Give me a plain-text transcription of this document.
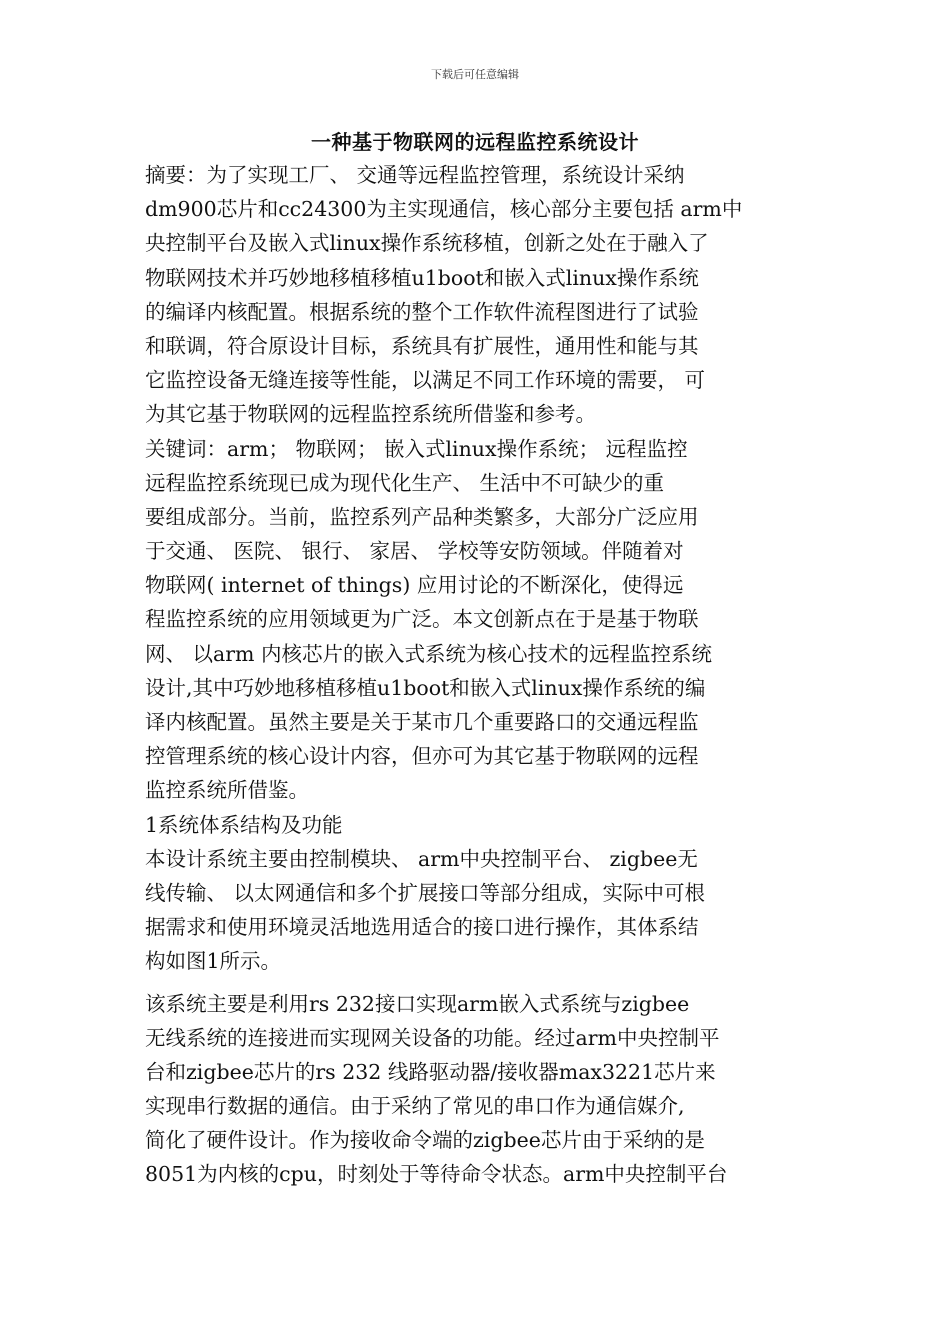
下载后可任意编辑
一种基于物联网的远程监控系统设计
摘要：为了实现工厂、 交通等远程监控管理，系统设计采纳
dm900芯片和cc24300为主实现通信，核心部分主要包括 arm中
央控制平台及嵌入式linux操作系统移植，创新之处在于融入了
物联网技术并巧妙地移植移植u1boot和嵌入式linux操作系统
的编译内核配置。根据系统的整个工作软件流程图进行了试验
和联调，符合原设计目标，系统具有扩展性，通用性和能与其
它监控设备无缝连接等性能，以满足不同工作环境的需要， 可
为其它基于物联网的远程监控系统所借鉴和参考。
关键词：arm； 物联网； 嵌入式linux操作系统； 远程监控
远程监控系统现已成为现代化生产、 生活中不可缺少的重
要组成部分。当前，监控系列产品种类繁多，大部分广泛应用
于交通、 医院、 银行、 家居、 学校等安防领域。伴随着对
物联网( internet of things) 应用讨论的不断深化，使得远
程监控系统的应用领域更为广泛。本文创新点在于是基于物联
网、 以arm 内核芯片的嵌入式系统为核心技术的远程监控系统
设计,其中巧妙地移植移植u1boot和嵌入式linux操作系统的编
译内核配置。虽然主要是关于某市几个重要路口的交通远程监
控管理系统的核心设计内容，但亦可为其它基于物联网的远程
监控系统所借鉴。
1系统体系结构及功能
本设计系统主要由控制模块、 arm中央控制平台、 zigbee无
线传输、 以太网通信和多个扩展接口等部分组成，实际中可根
据需求和使用环境灵活地选用适合的接口进行操作，其体系结
构如图1所示。
该系统主要是利用rs 232接口实现arm嵌入式系统与zigbee
无线系统的连接进而实现网关设备的功能。经过arm中央控制平
台和zigbee芯片的rs 232 线路驱动器/接收器max3221芯片来
实现串行数据的通信。由于采纳了常见的串口作为通信媒介,
简化了硬件设计。作为接收命令端的zigbee芯片由于采纳的是
8051为内核的cpu，时刻处于等待命令状态。arm中央控制平台
